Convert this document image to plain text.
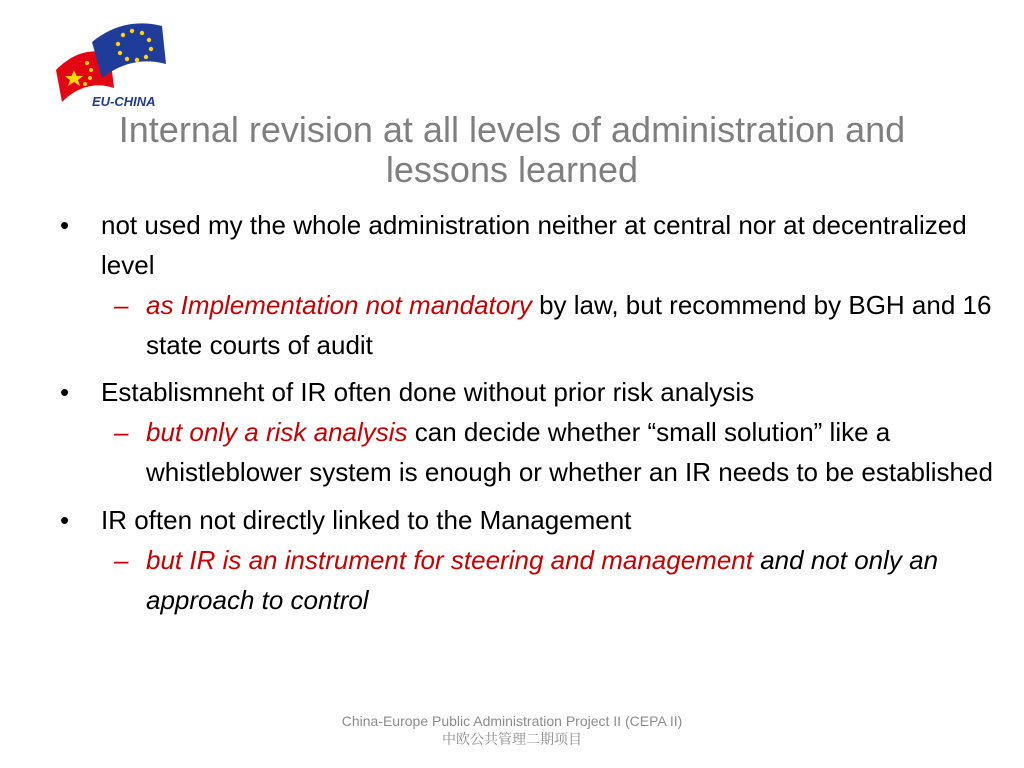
EU-CHINA
Internal revision at all levels of administration and
lessons learned
• not used my the whole administration neither at central nor at decentralized level
– as Implementation not mandatory by law, but recommend by BGH and 16 state courts of audit
• Establismneht of IR often done without prior risk analysis
– but only a risk analysis can decide whether “small solution” like a whistleblower system is enough or whether an IR needs to be established
• IR often not directly linked to the Management
– but IR is an instrument for steering and management and not only an approach to control
China-Europe Public Administration Project II (CEPA II)
中欧公共管理二期项目
